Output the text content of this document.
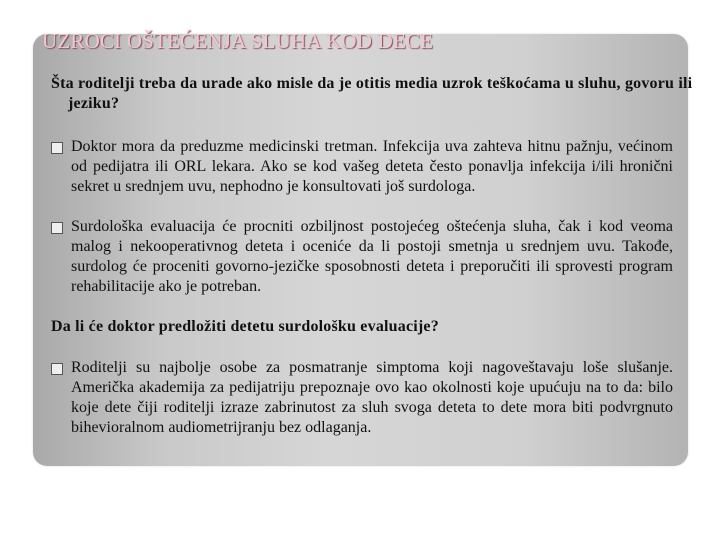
UZROCI OŠTEĆENJA SLUHA KOD DECE

Šta roditelji treba da urade ako misle da je otitis media uzrok teškoćama u sluhu, govoru ili jeziku?

Doktor mora da preduzme medicinski tretman. Infekcija uva zahteva hitnu pažnju, većinom od pedijatra ili ORL lekara. Ako se kod vašeg deteta često ponavlja infekcija i/ili hronični sekret u srednjem uvu, nephodno je konsultovati još surdologa.
Surdološka evaluacija će procniti ozbiljnost postojećeg oštećenja sluha, čak i kod veoma malog i nekooperativnog deteta i oceniće da li postoji smetnja u srednjem uvu. Takođe, surdolog će proceniti govorno-jezičke sposobnosti deteta i preporučiti ili sprovesti program rehabilitacije ako je potreban.

Da li će doktor predložiti detetu surdološku evaluacije?

Roditelji su najbolje osobe za posmatranje simptoma koji nagoveštavaju loše slušanje. Američka akademija za pedijatriju prepoznaje ovo kao okolnosti koje upućuju na to da: bilo koje dete čiji roditelji izraze zabrinutost za sluh svoga deteta to dete mora biti podvrgnuto bihevioralnom audiometrijranju bez odlaganja.
